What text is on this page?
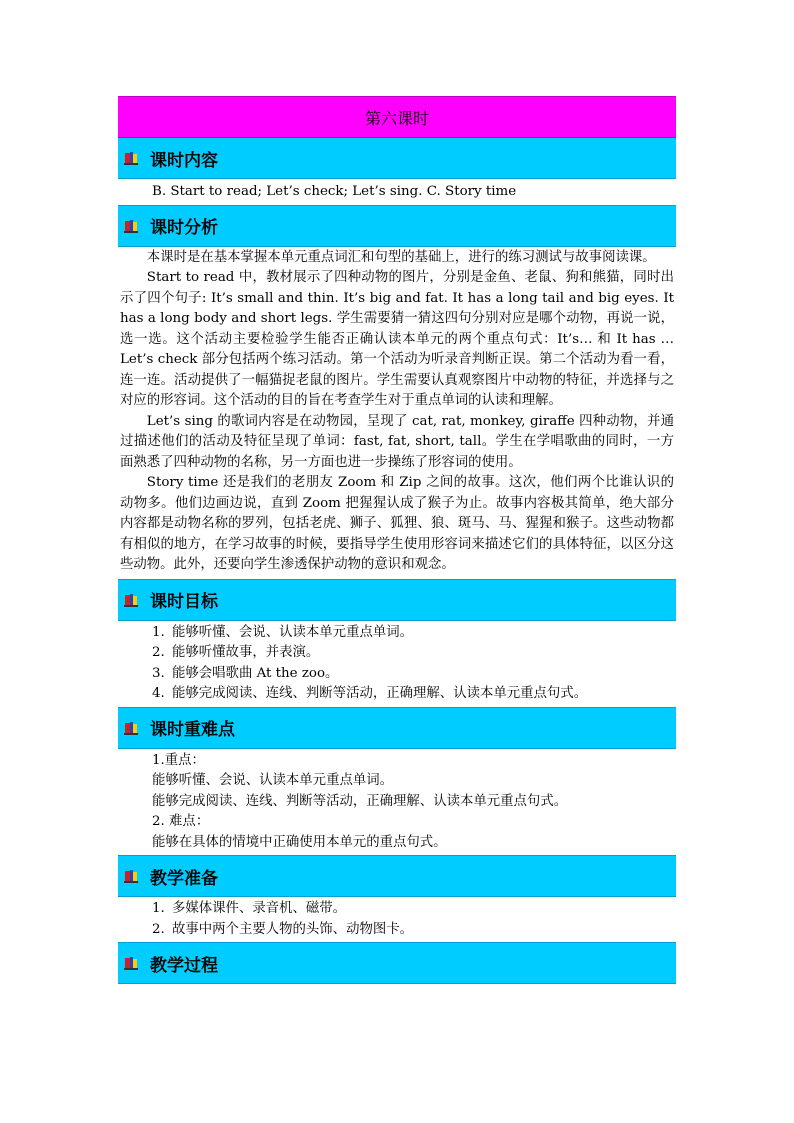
第六课时
课时内容

B. Start to read; Let’s check; Let’s sing. C. Story time

课时分析

本课时是在基本掌握本单元重点词汇和句型的基础上，进行的练习测试与故事阅读课。

Start to read 中，教材展示了四种动物的图片，分别是金鱼、老鼠、狗和熊猫，同时出示了四个句子: It’s small and thin. It’s big and fat. It has a long tail and big eyes. It has a long body and short legs. 学生需要猜一猜这四句分别对应是哪个动物，再说一说，选一选。这个活动主要检验学生能否正确认读本单元的两个重点句式：It’s… 和 It has … Let’s check 部分包括两个练习活动。第一个活动为听录音判断正误。第二个活动为看一看，连一连。活动提供了一幅猫捉老鼠的图片。学生需要认真观察图片中动物的特征，并选择与之对应的形容词。这个活动的目的旨在考查学生对于重点单词的认读和理解。

Let’s sing 的歌词内容是在动物园，呈现了 cat, rat, monkey, giraffe 四种动物，并通过描述他们的活动及特征呈现了单词：fast, fat, short, tall。学生在学唱歌曲的同时，一方面熟悉了四种动物的名称，另一方面也进一步操练了形容词的使用。

Story time 还是我们的老朋友 Zoom 和 Zip 之间的故事。这次，他们两个比谁认识的动物多。他们边画边说，直到 Zoom 把猩猩认成了猴子为止。故事内容极其简单，绝大部分内容都是动物名称的罗列，包括老虎、狮子、狐狸、狼、斑马、马、猩猩和猴子。这些动物都有相似的地方，在学习故事的时候，要指导学生使用形容词来描述它们的具体特征，以区分这些动物。此外，还要向学生渗透保护动物的意识和观念。

课时目标
1. 能够听懂、会说、认读本单元重点单词。
2. 能够听懂故事，并表演。
3. 能够会唱歌曲 At the zoo。
4. 能够完成阅读、连线、判断等活动，正确理解、认读本单元重点句式。
课时重难点

1.重点：

能够听懂、会说、认读本单元重点单词。

能够完成阅读、连线、判断等活动，正确理解、认读本单元重点句式。

2. 难点：

能够在具体的情境中正确使用本单元的重点句式。

教学准备
1. 多媒体课件、录音机、磁带。
2. 故事中两个主要人物的头饰、动物图卡。
教学过程
